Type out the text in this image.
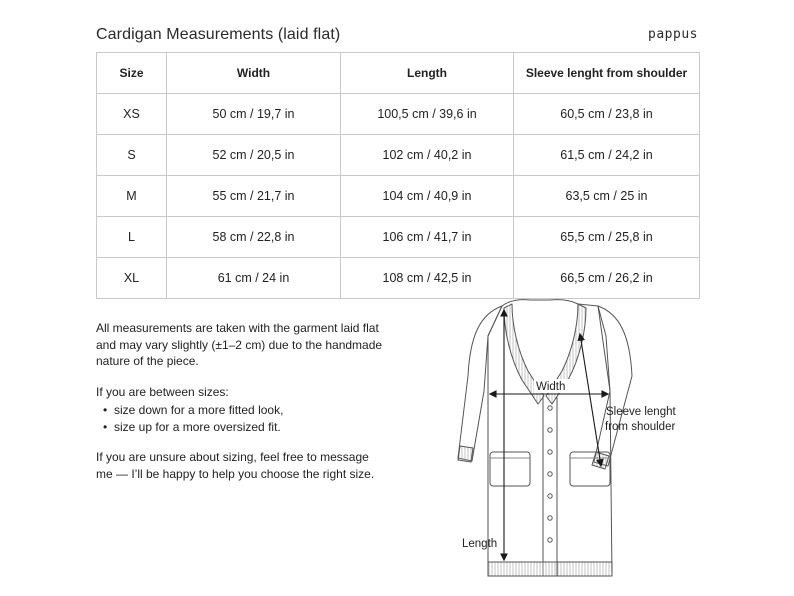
Cardigan Measurements (laid flat)	pappus
Size	Width	Length	Sleeve lenght from shoulder
XS	50 cm / 19,7 in	100,5 cm / 39,6 in	60,5 cm / 23,8 in
S	52 cm / 20,5 in	102 cm / 40,2 in	61,5 cm / 24,2 in
M	55 cm / 21,7 in	104 cm / 40,9 in	63,5 cm / 25 in
L	58 cm / 22,8 in	106 cm / 41,7 in	65,5 cm / 25,8 in
XL	61 cm / 24 in	108 cm / 42,5 in	66,5 cm / 26,2 in

All measurements are taken with the garment laid flat and may vary slightly (±1–2 cm) due to the handmade nature of the piece.

If you are between sizes:

• size down for a more fitted look,
• size up for a more oversized fit.

If you are unsure about sizing, feel free to message me — I’ll be happy to help you choose the right size.

Width
Length
Sleeve lenght
from shoulder
